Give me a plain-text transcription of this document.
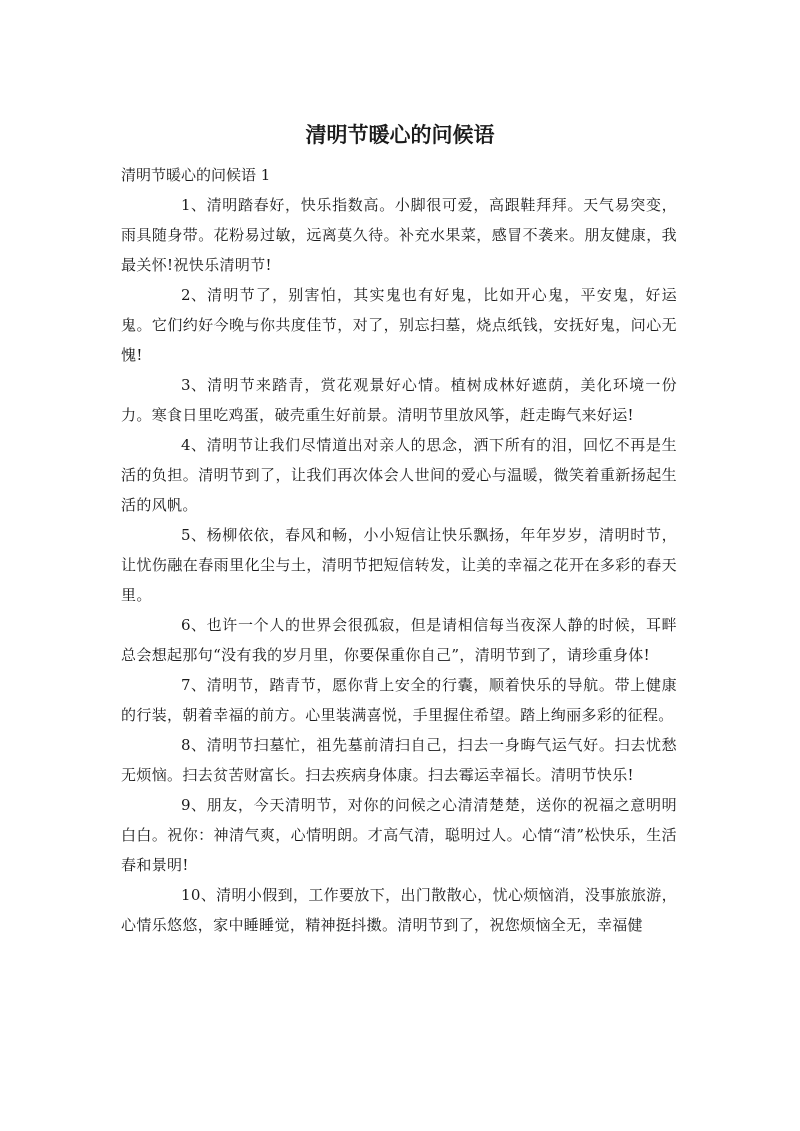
清明节暖心的问候语

清明节暖心的问候语 1

1、清明踏春好，快乐指数高。小脚很可爱，高跟鞋拜拜。天气易突变，雨具随身带。花粉易过敏，远离莫久待。补充水果菜，感冒不袭来。朋友健康，我最关怀!祝快乐清明节!

2、清明节了，别害怕，其实鬼也有好鬼，比如开心鬼，平安鬼，好运鬼。它们约好今晚与你共度佳节，对了，别忘扫墓，烧点纸钱，安抚好鬼，问心无愧!

3、清明节来踏青，赏花观景好心情。植树成林好遮荫，美化环境一份力。寒食日里吃鸡蛋，破壳重生好前景。清明节里放风筝，赶走晦气来好运!

4、清明节让我们尽情道出对亲人的思念，洒下所有的泪，回忆不再是生活的负担。清明节到了，让我们再次体会人世间的爱心与温暖，微笑着重新扬起生活的风帆。

5、杨柳依依，春风和畅，小小短信让快乐飘扬，年年岁岁，清明时节，让忧伤融在春雨里化尘与土，清明节把短信转发，让美的幸福之花开在多彩的春天里。

6、也许一个人的世界会很孤寂，但是请相信每当夜深人静的时候，耳畔总会想起那句“没有我的岁月里，你要保重你自己”，清明节到了，请珍重身体!

7、清明节，踏青节，愿你背上安全的行囊，顺着快乐的导航。带上健康的行装，朝着幸福的前方。心里装满喜悦，手里握住希望。踏上绚丽多彩的征程。

8、清明节扫墓忙，祖先墓前清扫自己，扫去一身晦气运气好。扫去忧愁无烦恼。扫去贫苦财富长。扫去疾病身体康。扫去霉运幸福长。清明节快乐!

9、朋友，今天清明节，对你的问候之心清清楚楚，送你的祝福之意明明白白。祝你：神清气爽，心情明朗。才高气清，聪明过人。心情“清”松快乐，生活春和景明!

10、清明小假到，工作要放下，出门散散心，忧心烦恼消，没事旅旅游，心情乐悠悠，家中睡睡觉，精神挺抖擞。清明节到了，祝您烦恼全无，幸福健
